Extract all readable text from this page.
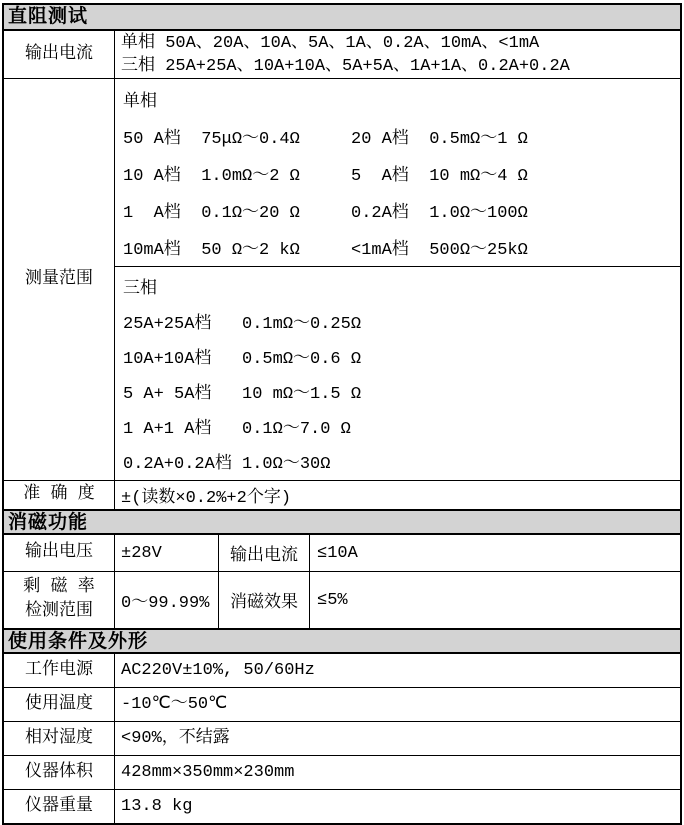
直阻测试
输出电流
单相 50A、20A、10A、5A、1A、0.2A、10mA、<1mA
三相 25A+25A、10A+10A、5A+5A、1A+1A、0.2A+0.2A
测量范围
单相
50 A档  75μΩ～0.4Ω	20 A档  0.5mΩ～1 Ω
10 A档  1.0mΩ～2 Ω	5  A档  10 mΩ～4 Ω
1  A档  0.1Ω～20 Ω	0.2A档  1.0Ω～100Ω
10mA档  50 Ω～2 kΩ	<1mA档  500Ω～25kΩ
三相
25A+25A档   0.1mΩ～0.25Ω
10A+10A档   0.5mΩ～0.6 Ω
5 A+ 5A档   10 mΩ～1.5 Ω
1 A+1 A档   0.1Ω～7.0 Ω
0.2A+0.2A档 1.0Ω～30Ω
准 确 度	±(读数×0.2%+2个字)
消磁功能
输出电压	±28V	输出电流	≤10A
剩 磁 率
检测范围	0～99.99%	消磁效果	≤5%
使用条件及外形
工作电源	AC220V±10%, 50/60Hz
使用温度	-10℃～50℃
相对湿度	<90%，不结露
仪器体积	428mm×350mm×230mm
仪器重量	13.8 kg
